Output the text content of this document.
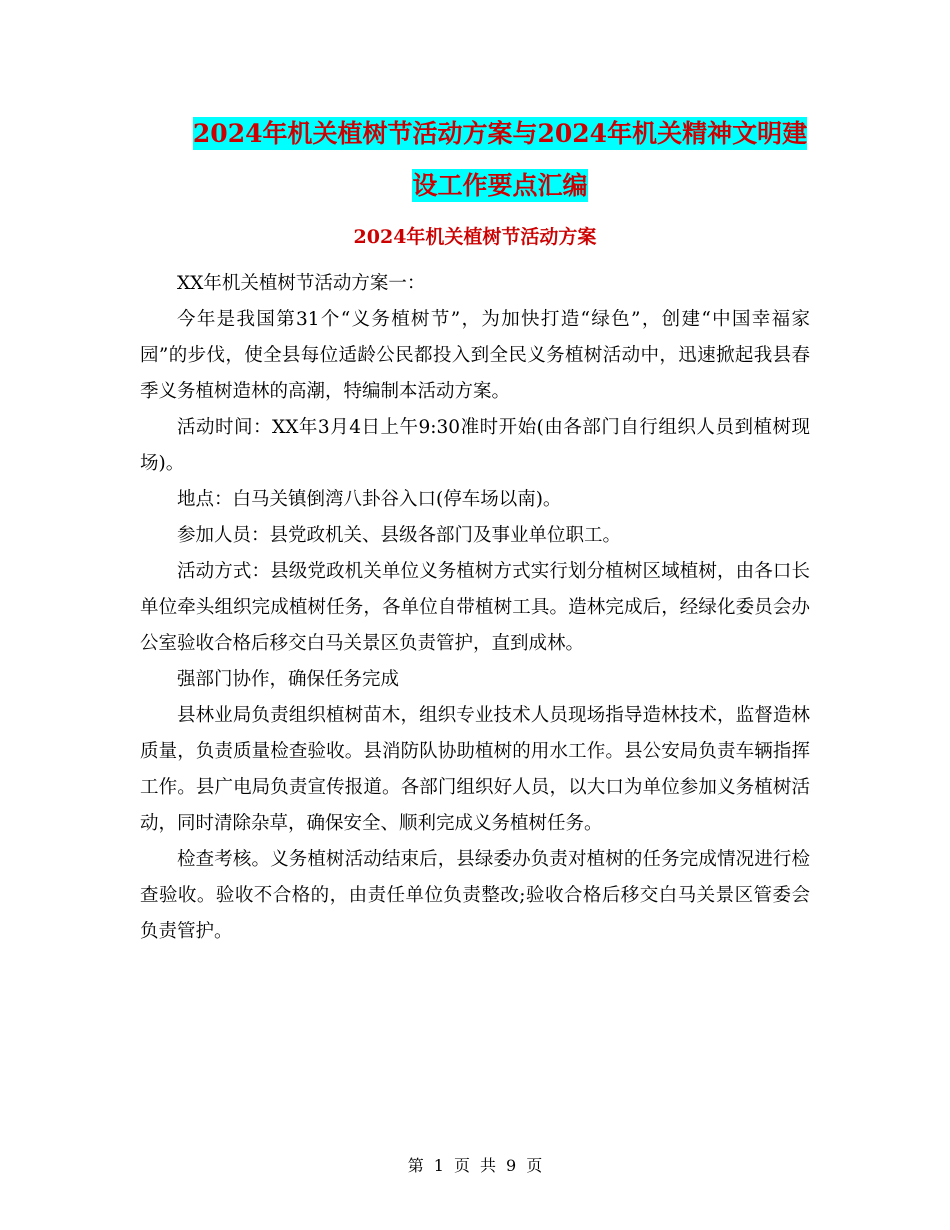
2024年机关植树节活动方案与2024年机关精神文明建
设工作要点汇编
2024年机关植树节活动方案

XX年机关植树节活动方案一：

今年是我国第31个“义务植树节”，为加快打造“绿色”，创建“中国幸福家园”的步伐，使全县每位适龄公民都投入到全民义务植树活动中，迅速掀起我县春季义务植树造林的高潮，特编制本活动方案。

活动时间：XX年3月4日上午9:30准时开始(由各部门自行组织人员到植树现场)。

地点：白马关镇倒湾八卦谷入口(停车场以南)。

参加人员：县党政机关、县级各部门及事业单位职工。

活动方式：县级党政机关单位义务植树方式实行划分植树区域植树，由各口长单位牵头组织完成植树任务，各单位自带植树工具。造林完成后，经绿化委员会办公室验收合格后移交白马关景区负责管护，直到成林。

强部门协作，确保任务完成

县林业局负责组织植树苗木，组织专业技术人员现场指导造林技术，监督造林质量，负责质量检查验收。县消防队协助植树的用水工作。县公安局负责车辆指挥工作。县广电局负责宣传报道。各部门组织好人员，以大口为单位参加义务植树活动，同时清除杂草，确保安全、顺利完成义务植树任务。

检查考核。义务植树活动结束后，县绿委办负责对植树的任务完成情况进行检查验收。验收不合格的，由责任单位负责整改;验收合格后移交白马关景区管委会负责管护。

第 1 页 共 9 页
